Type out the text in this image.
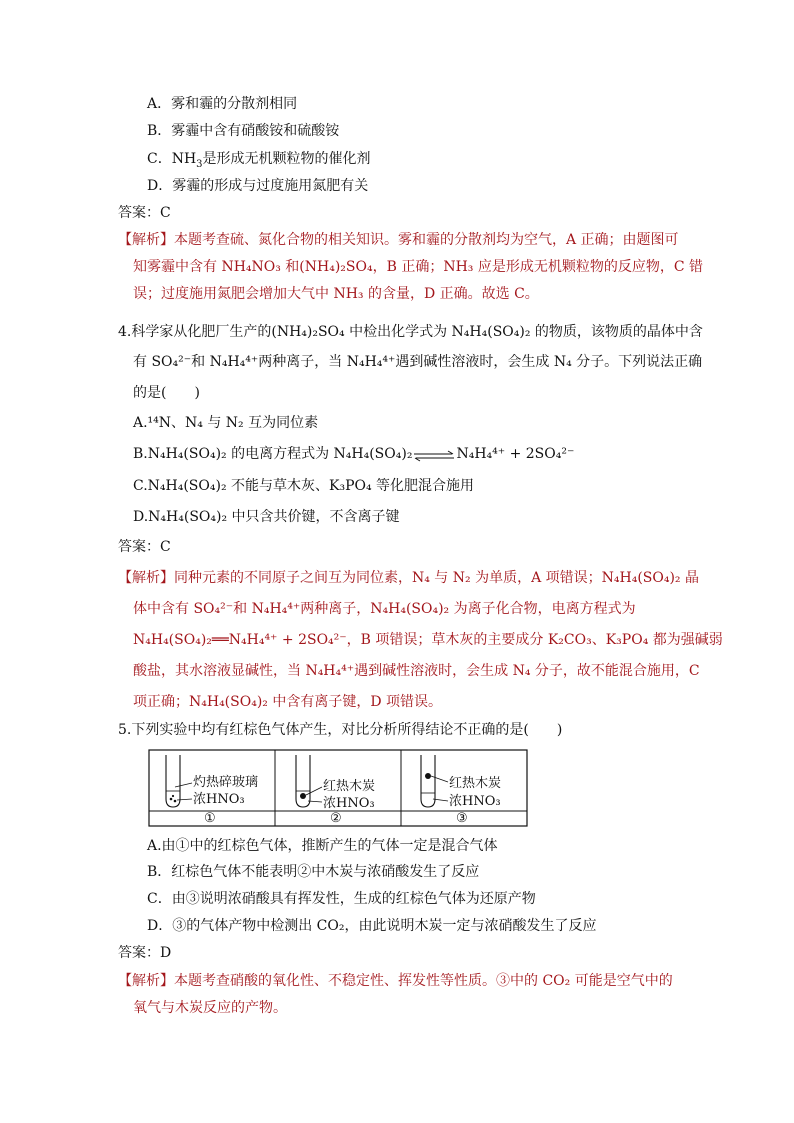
A．雾和霾的分散剂相同
B．雾霾中含有硝酸铵和硫酸铵
C．$NH_3$是形成无机颗粒物的催化剂
D．雾霾的形成与过度施用氮肥有关
答案：C
【解析】本题考查硫、氮化合物的相关知识。雾和霾的分散剂均为空气，A 正确；由题图可
知雾霾中含有 NH₄NO₃ 和(NH₄)₂SO₄，B 正确；NH₃ 应是形成无机颗粒物的反应物，C 错
误；过度施用氮肥会增加大气中 NH₃ 的含量，D 正确。故选 C。
4.科学家从化肥厂生产的(NH₄)₂SO₄ 中检出化学式为 N₄H₄(SO₄)₂ 的物质，该物质的晶体中含
有 SO₄²⁻和 N₄H₄⁴⁺两种离子，当 N₄H₄⁴⁺遇到碱性溶液时，会生成 N₄ 分子。下列说法正确
的是(　　)
A.¹⁴N、N₄ 与 N₂ 互为同位素
B.N₄H₄(SO₄)₂ 的电离方程式为 N₄H₄(SO₄)₂⇌N₄H₄⁴⁺ + 2SO₄²⁻
C.N₄H₄(SO₄)₂ 不能与草木灰、K₃PO₄ 等化肥混合施用
D.N₄H₄(SO₄)₂ 中只含共价键，不含离子键
答案：C
【解析】同种元素的不同原子之间互为同位素，N₄ 与 N₂ 为单质，A 项错误；N₄H₄(SO₄)₂ 晶
体中含有 SO₄²⁻和 N₄H₄⁴⁺两种离子，N₄H₄(SO₄)₂ 为离子化合物，电离方程式为
N₄H₄(SO₄)₂══N₄H₄⁴⁺ + 2SO₄²⁻，B 项错误；草木灰的主要成分 K₂CO₃、K₃PO₄ 都为强碱弱
酸盐，其水溶液显碱性，当 N₄H₄⁴⁺遇到碱性溶液时，会生成 N₄ 分子，故不能混合施用，C
项正确；N₄H₄(SO₄)₂ 中含有离子键，D 项错误。
5.下列实验中均有红棕色气体产生，对比分析所得结论不正确的是(　　)
灼热碎玻璃
浓HNO₃
①
红热木炭
浓HNO₃
②
红热木炭
浓HNO₃
③
A.由①中的红棕色气体，推断产生的气体一定是混合气体
B．红棕色气体不能表明②中木炭与浓硝酸发生了反应
C．由③说明浓硝酸具有挥发性，生成的红棕色气体为还原产物
D．③的气体产物中检测出 CO₂，由此说明木炭一定与浓硝酸发生了反应
答案：D
【解析】本题考查硝酸的氧化性、不稳定性、挥发性等性质。③中的 CO₂ 可能是空气中的
氧气与木炭反应的产物。
